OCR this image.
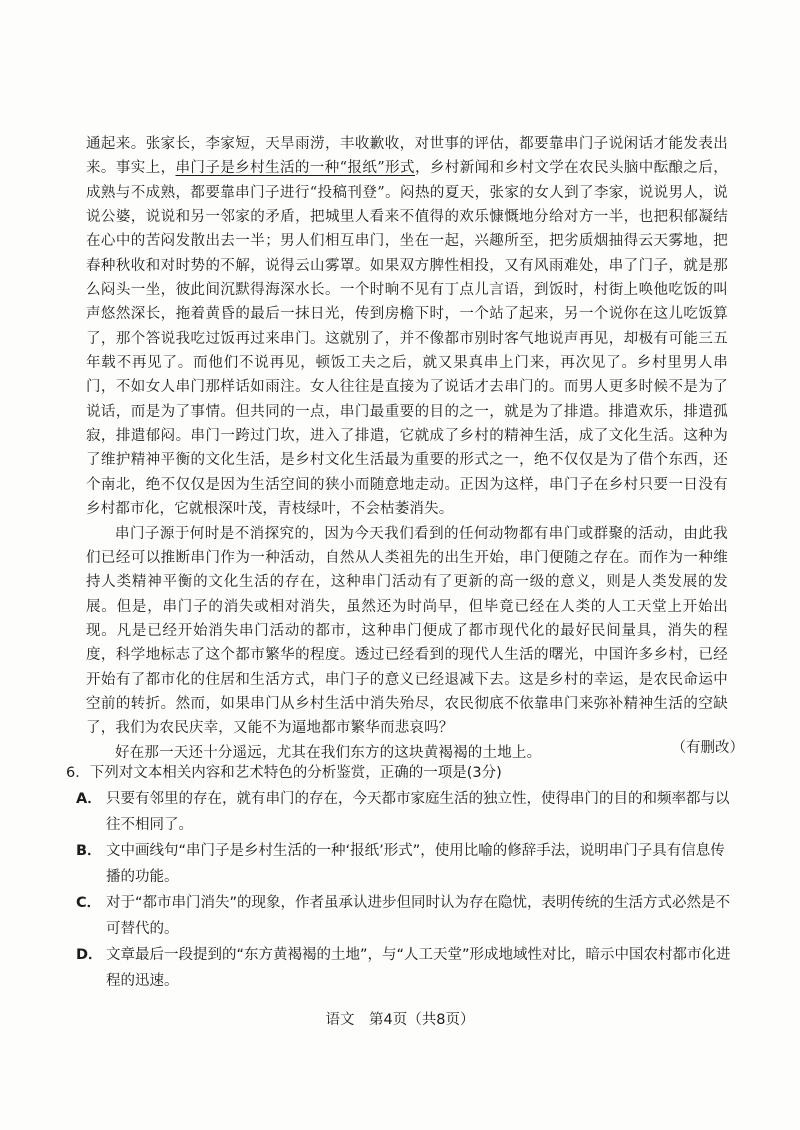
通起来。张家长，李家短，天旱雨涝，丰收歉收，对世事的评估，都要靠串门子说闲话才能发表出来。事实上，串门子是乡村生活的一种“报纸”形式，乡村新闻和乡村文学在农民头脑中酝酿之后，成熟与不成熟，都要靠串门子进行“投稿刊登”。闷热的夏天，张家的女人到了李家，说说男人，说说公婆，说说和另一邻家的矛盾，把城里人看来不值得的欢乐慷慨地分给对方一半，也把积郁凝结在心中的苦闷发散出去一半；男人们相互串门，坐在一起，兴趣所至，把劣质烟抽得云天雾地，把春种秋收和对时势的不解，说得云山雾罩。如果双方脾性相投，又有风雨难处，串了门子，就是那么闷头一坐，彼此间沉默得海深水长。一个时晌不见有丁点儿言语，到饭时，村街上唤他吃饭的叫声悠然深长，拖着黄昏的最后一抹日光，传到房檐下时，一个站了起来，另一个说你在这儿吃饭算了，那个答说我吃过饭再过来串门。这就别了，并不像都市别时客气地说声再见，却极有可能三五年载不再见了。而他们不说再见，顿饭工夫之后，就又果真串上门来，再次见了。乡村里男人串门，不如女人串门那样话如雨注。女人往往是直接为了说话才去串门的。而男人更多时候不是为了说话，而是为了事情。但共同的一点，串门最重要的目的之一，就是为了排遣。排遣欢乐，排遣孤寂，排遣郁闷。串门一跨过门坎，进入了排遣，它就成了乡村的精神生活，成了文化生活。这种为了维护精神平衡的文化生活，是乡村文化生活最为重要的形式之一，绝不仅仅是为了借个东西，还个南北，绝不仅仅是因为生活空间的狭小而随意地走动。正因为这样，串门子在乡村只要一日没有乡村都市化，它就根深叶茂，青枝绿叶，不会枯萎消失。

串门子源于何时是不消探究的，因为今天我们看到的任何动物都有串门或群聚的活动，由此我们已经可以推断串门作为一种活动，自然从人类祖先的出生开始，串门便随之存在。而作为一种维持人类精神平衡的文化生活的存在，这种串门活动有了更新的高一级的意义，则是人类发展的发展。但是，串门子的消失或相对消失，虽然还为时尚早，但毕竟已经在人类的人工天堂上开始出现。凡是已经开始消失串门活动的都市，这种串门便成了都市现代化的最好民间量具，消失的程度，科学地标志了这个都市繁华的程度。透过已经看到的现代人生活的曙光，中国许多乡村，已经开始有了都市化的住居和生活方式，串门子的意义已经退减下去。这是乡村的幸运，是农民命运中空前的转折。然而，如果串门从乡村生活中消失殆尽，农民彻底不依靠串门来弥补精神生活的空缺了，我们为农民庆幸，又能不为逼地都市繁华而悲哀吗？

好在那一天还十分遥远，尤其在我们东方的这块黄褐褐的土地上。	（有删改）

6．下列对文本相关内容和艺术特色的分析鉴赏，正确的一项是(3分)

A． 只要有邻里的存在，就有串门的存在，今天都市家庭生活的独立性，使得串门的目的和频率都与以往不相同了。

B． 文中画线句“串门子是乡村生活的一种‘报纸’形式”，使用比喻的修辞手法，说明串门子具有信息传播的功能。

C． 对于“都市串门消失”的现象，作者虽承认进步但同时认为存在隐忧，表明传统的生活方式必然是不可替代的。

D． 文章最后一段提到的“东方黄褐褐的土地”，与“人工天堂”形成地域性对比，暗示中国农村都市化进程的迅速。

语文　第4页（共8页）
